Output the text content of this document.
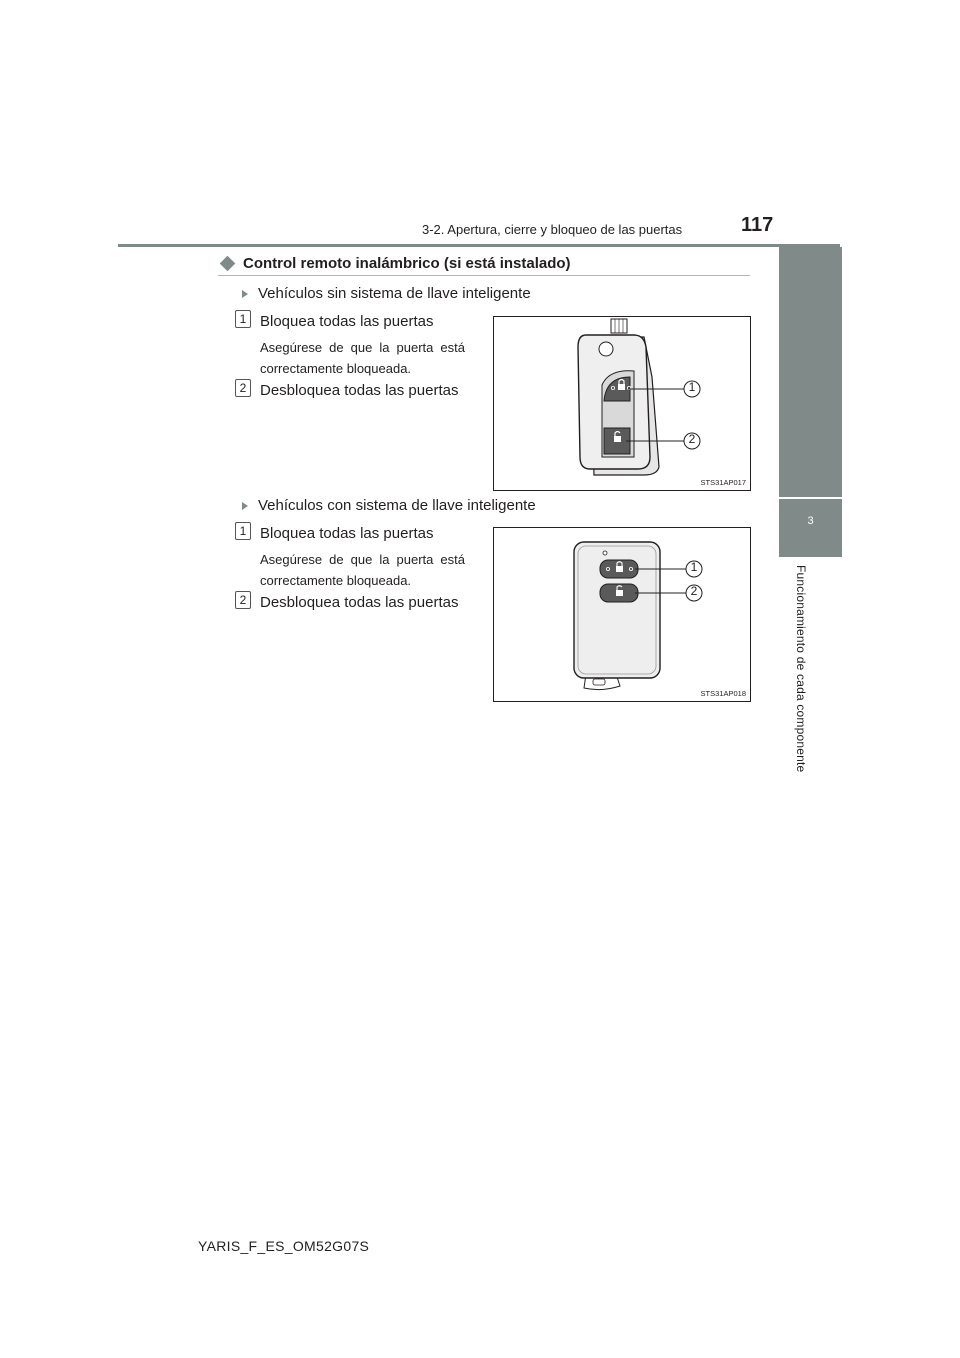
3-2. Apertura, cierre y bloqueo de las puertas	117
3
Funcionamiento de cada componente
Control remoto inalámbrico (si está instalado)
Vehículos sin sistema de llave inteligente
1 Bloquea todas las puertas
Asegúrese de que la puerta está correctamente bloqueada.
2 Desbloquea todas las puertas	1
2
STS31AP017
Vehículos con sistema de llave inteligente
1 Bloquea todas las puertas
Asegúrese de que la puerta está correctamente bloqueada.
2 Desbloquea todas las puertas
1
2
STS31AP018
YARIS_F_ES_OM52G07S
